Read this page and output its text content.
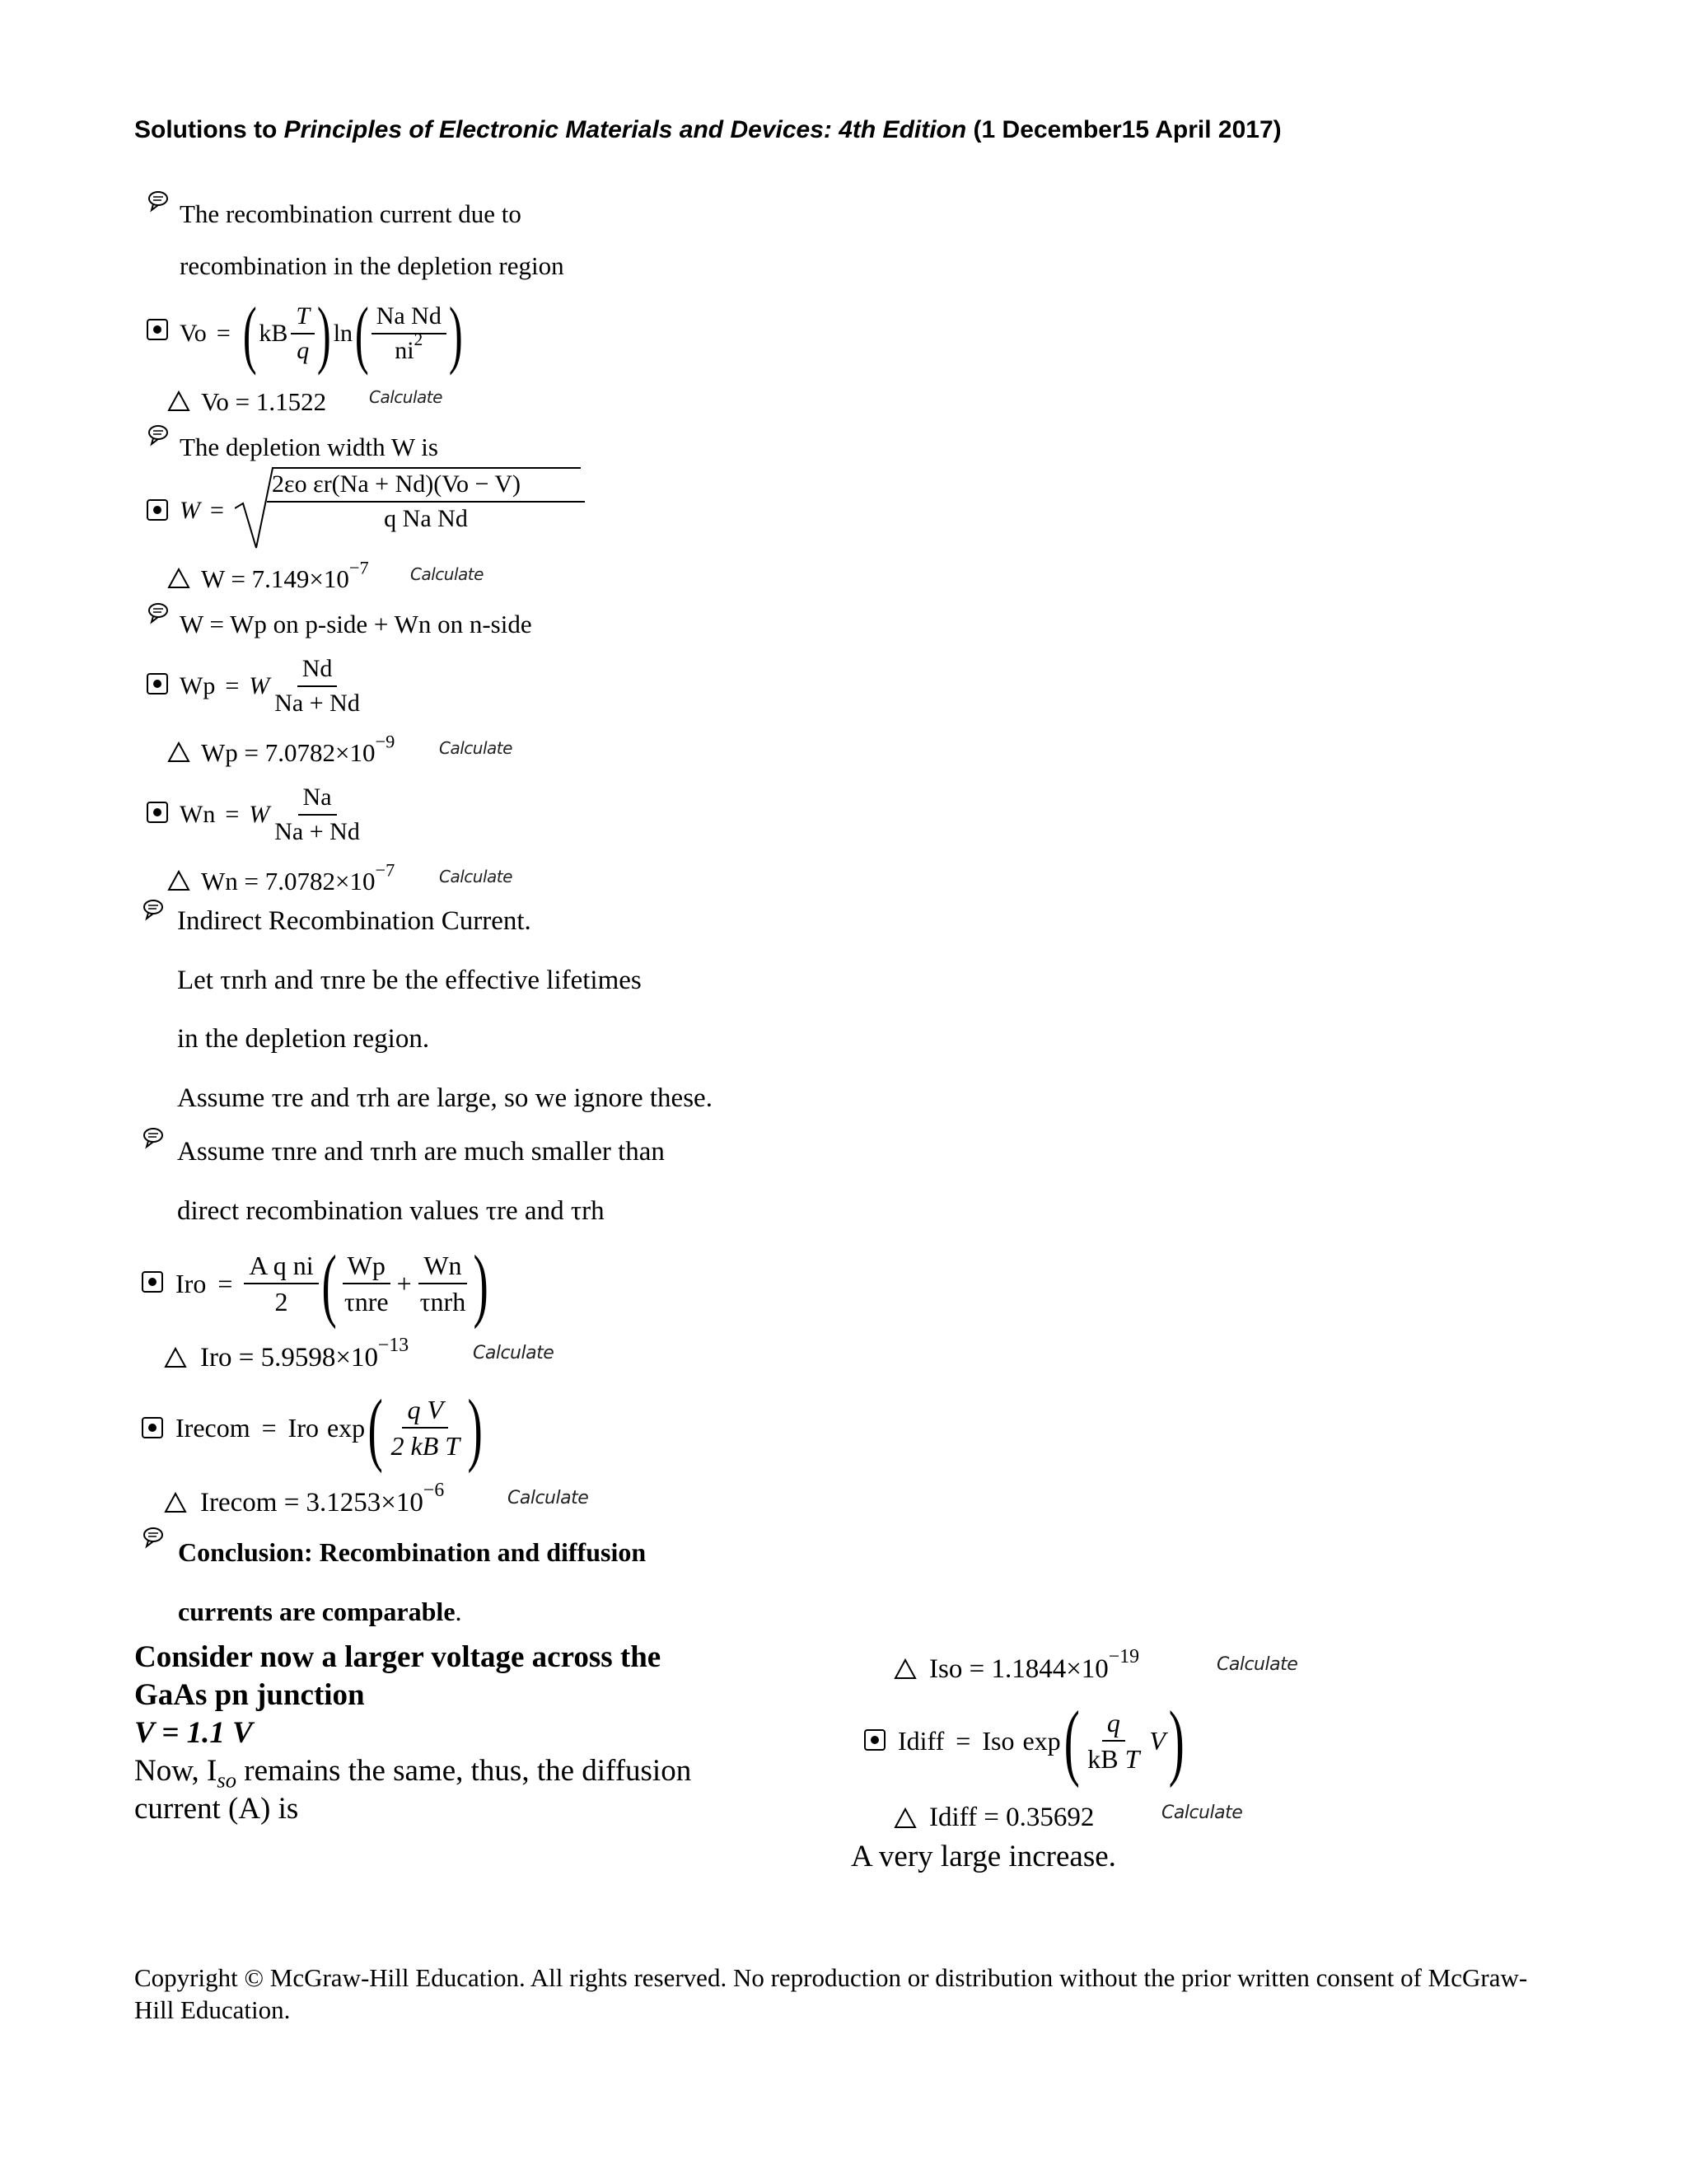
Solutions to Principles of Electronic Materials and Devices: 4th Edition (1 December15 April 2017)
The recombination current due to
recombination in the depletion region
Vo = ( kB $\frac{T}{q}$ ) ln ( $\frac{\text{Na Nd}}{ni^2}$ )
Vo = 1.1522	Calculate
The depletion width W is
$W = \frac{\text{2εo εr(Na + Nd)(Vo − V)}}{\text{q Na Nd}}$
$W = 7.149\times 10^{-7}$	Calculate
W = Wp on p-side + Wn on n-side
Wp = W $\frac{Nd}{Na + Nd}$
$Wp = 7.0782\times 10^{-9}$	Calculate
Wn = W $\frac{Na}{Na + Nd}$
$Wn = 7.0782\times 10^{-7}$	Calculate
Indirect Recombination Current.
Let τnrh and τnre be the effective lifetimes
in the depletion region.
Assume τre and τrh are large, so we ignore these.
Assume τnre and τnrh are much smaller than
direct recombination values τre and τrh
Iro = $\frac{\text{A q ni}}{2}$ ( $\frac{Wp}{\text{τnre}} + \frac{Wn}{\text{τnrh}}$ )
Iro = $5.9598\times 10^{-13}$	Calculate
Irecom = Iro exp ( $\frac{\text{q V}}{\text{2 kB T}}$ )
Irecom = $3.1253\times 10^{-6}$	Calculate
Conclusion: Recombination and diffusion
currents are comparable.
Consider now a larger voltage across the
GaAs pn junction
V = 1.1 V
Now, $I_{so}$ remains the same, thus, the diffusion
current (A) is
Iso = $1.1844\times 10^{-19}$	Calculate
Idiff = Iso exp ( $\frac{q}{\text{kB T}}$ V )
Idiff = 0.35692	Calculate
A very large increase.
Copyright © McGraw-Hill Education. All rights reserved. No reproduction or distribution without the prior written consent of McGraw-Hill Education.
